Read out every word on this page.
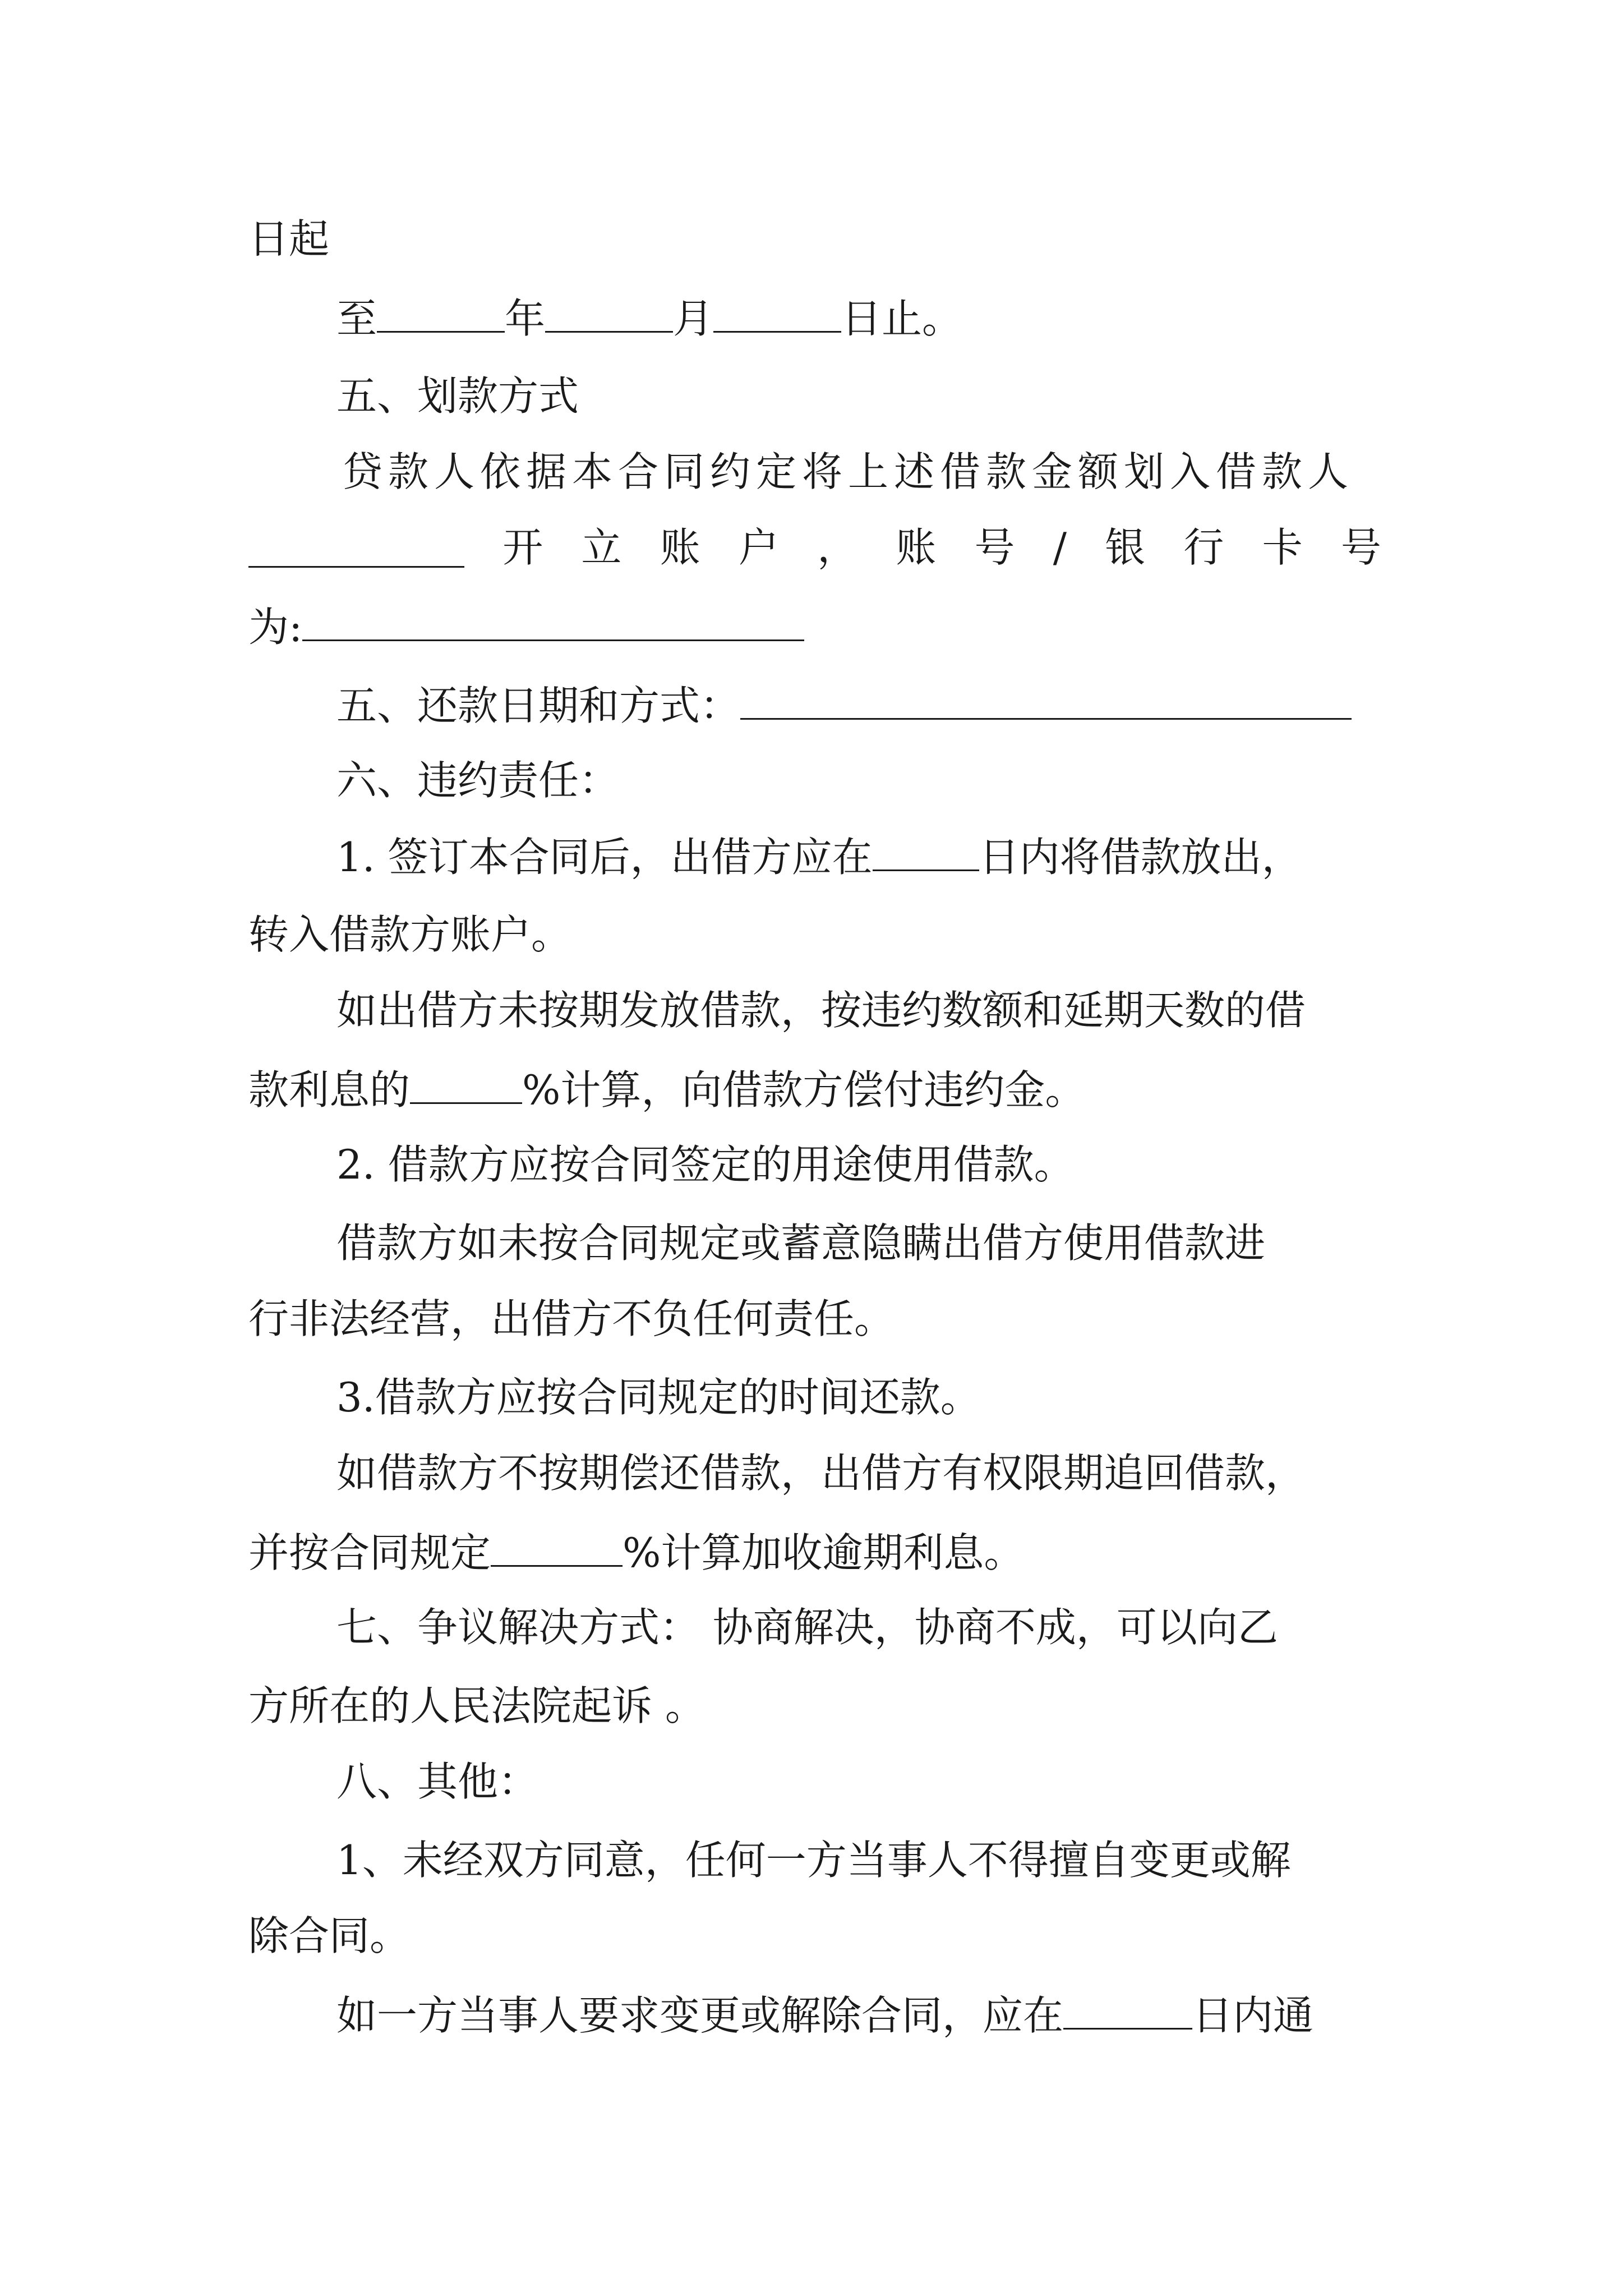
日起
至	年	月	日止。
五、划款方式
贷款人依据本合同约定将上述借款金额划入借款人
开 立 账 户 ， 账 号 / 银 行 卡 号
为:
五、还款日期和方式：
六、违约责任：
1. 签订本合同后，出借方应在	日内将借款放出，
转入借款方账户。
如出借方未按期发放借款，按违约数额和延期天数的借
款利息的	%计算，向借款方偿付违约金。
2. 借款方应按合同签定的用途使用借款。
借款方如未按合同规定或蓄意隐瞒出借方使用借款进
行非法经营，出借方不负任何责任。
3.借款方应按合同规定的时间还款。
如借款方不按期偿还借款，出借方有权限期追回借款，
并按合同规定	%计算加收逾期利息。
七、争议解决方式： 协商解决，协商不成，可以向乙
方所在的人民法院起诉 。
八、其他：
1、未经双方同意，任何一方当事人不得擅自变更或解
除合同。
如一方当事人要求变更或解除合同，应在	日内通
